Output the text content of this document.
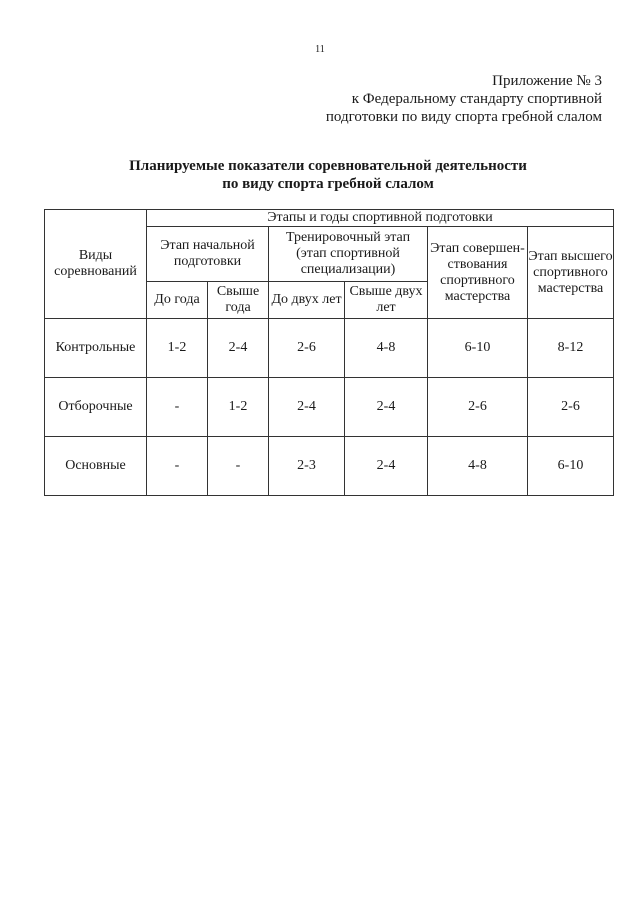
11
Приложение № 3
к Федеральному стандарту спортивной
подготовки по виду спорта гребной слалом
Планируемые показатели соревновательной деятельности
по виду спорта гребной слалом
Виды соревнований	Этапы и годы спортивной подготовки					
	Этап начальной подготовки		Тренировочный этап (этап спортивной специализации)		Этап совершен-ствования спортивного мастерства	Этап высшего спортивного мастерства
	До года	Свыше года	До двух лет	Свыше двух лет		
Контрольные	1-2	2-4	2-6	4-8	6-10	8-12
Отборочные	-	1-2	2-4	2-4	2-6	2-6
Основные	-	-	2-3	2-4	4-8	6-10
